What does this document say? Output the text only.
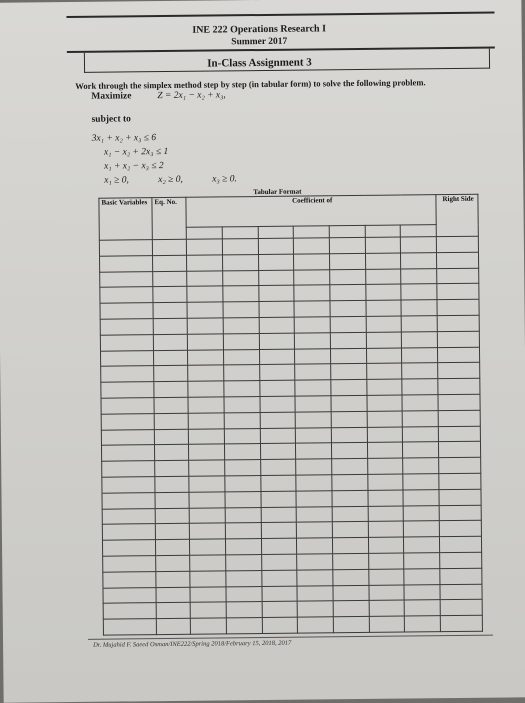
INE 222 Operations Research I
Summer 2017
In-Class Assignment 3
Work through the simplex method step by step (in tabular form) to solve the following problem.
Maximize	Z = 2x₁ − x₂ + x₃,
subject to
3x₁ + x₂ + x₃ ≤ 6
x₁ − x₂ + 2x₃ ≤ 1
x₁ + x₂ − x₃ ≤ 2
x₁ ≥ 0,	x₂ ≥ 0,	x₃ ≥ 0.
Tabular Format
Basic Variables	Eq. No.	Coefficient of							Right Side

Dr. Mujahid F. Saeed Osman/INE222/Spring 2018/February 15, 2018, 2017
